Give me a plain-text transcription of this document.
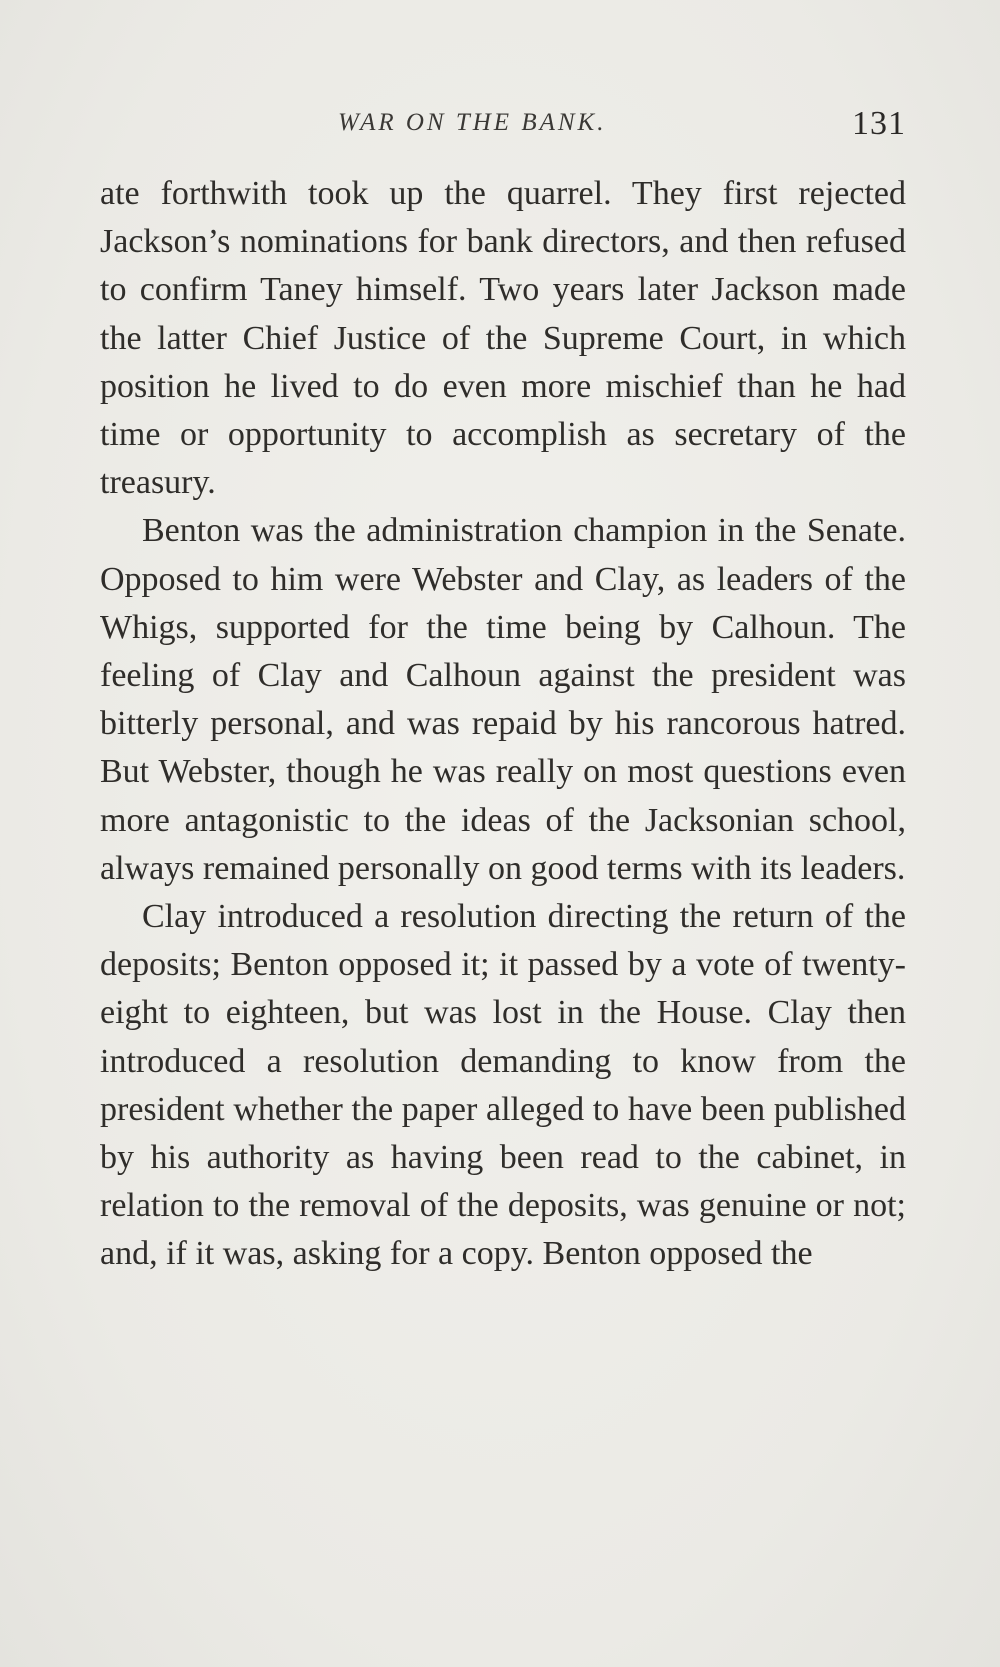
WAR ON THE BANK.	131

ate forthwith took up the quarrel. They first rejected Jackson’s nominations for bank directors, and then refused to confirm Taney himself. Two years later Jackson made the latter Chief Justice of the Supreme Court, in which position he lived to do even more mischief than he had time or opportunity to accomplish as secretary of the treasury.

Benton was the administration champion in the Senate. Opposed to him were Webster and Clay, as leaders of the Whigs, supported for the time being by Calhoun. The feeling of Clay and Calhoun against the president was bitterly personal, and was repaid by his rancorous hatred. But Webster, though he was really on most questions even more antagonistic to the ideas of the Jacksonian school, always remained personally on good terms with its leaders.

Clay introduced a resolution directing the return of the deposits; Benton opposed it; it passed by a vote of twenty-eight to eighteen, but was lost in the House. Clay then introduced a resolution demanding to know from the president whether the paper alleged to have been published by his authority as having been read to the cabinet, in relation to the removal of the deposits, was genuine or not; and, if it was, asking for a copy. Benton opposed the
